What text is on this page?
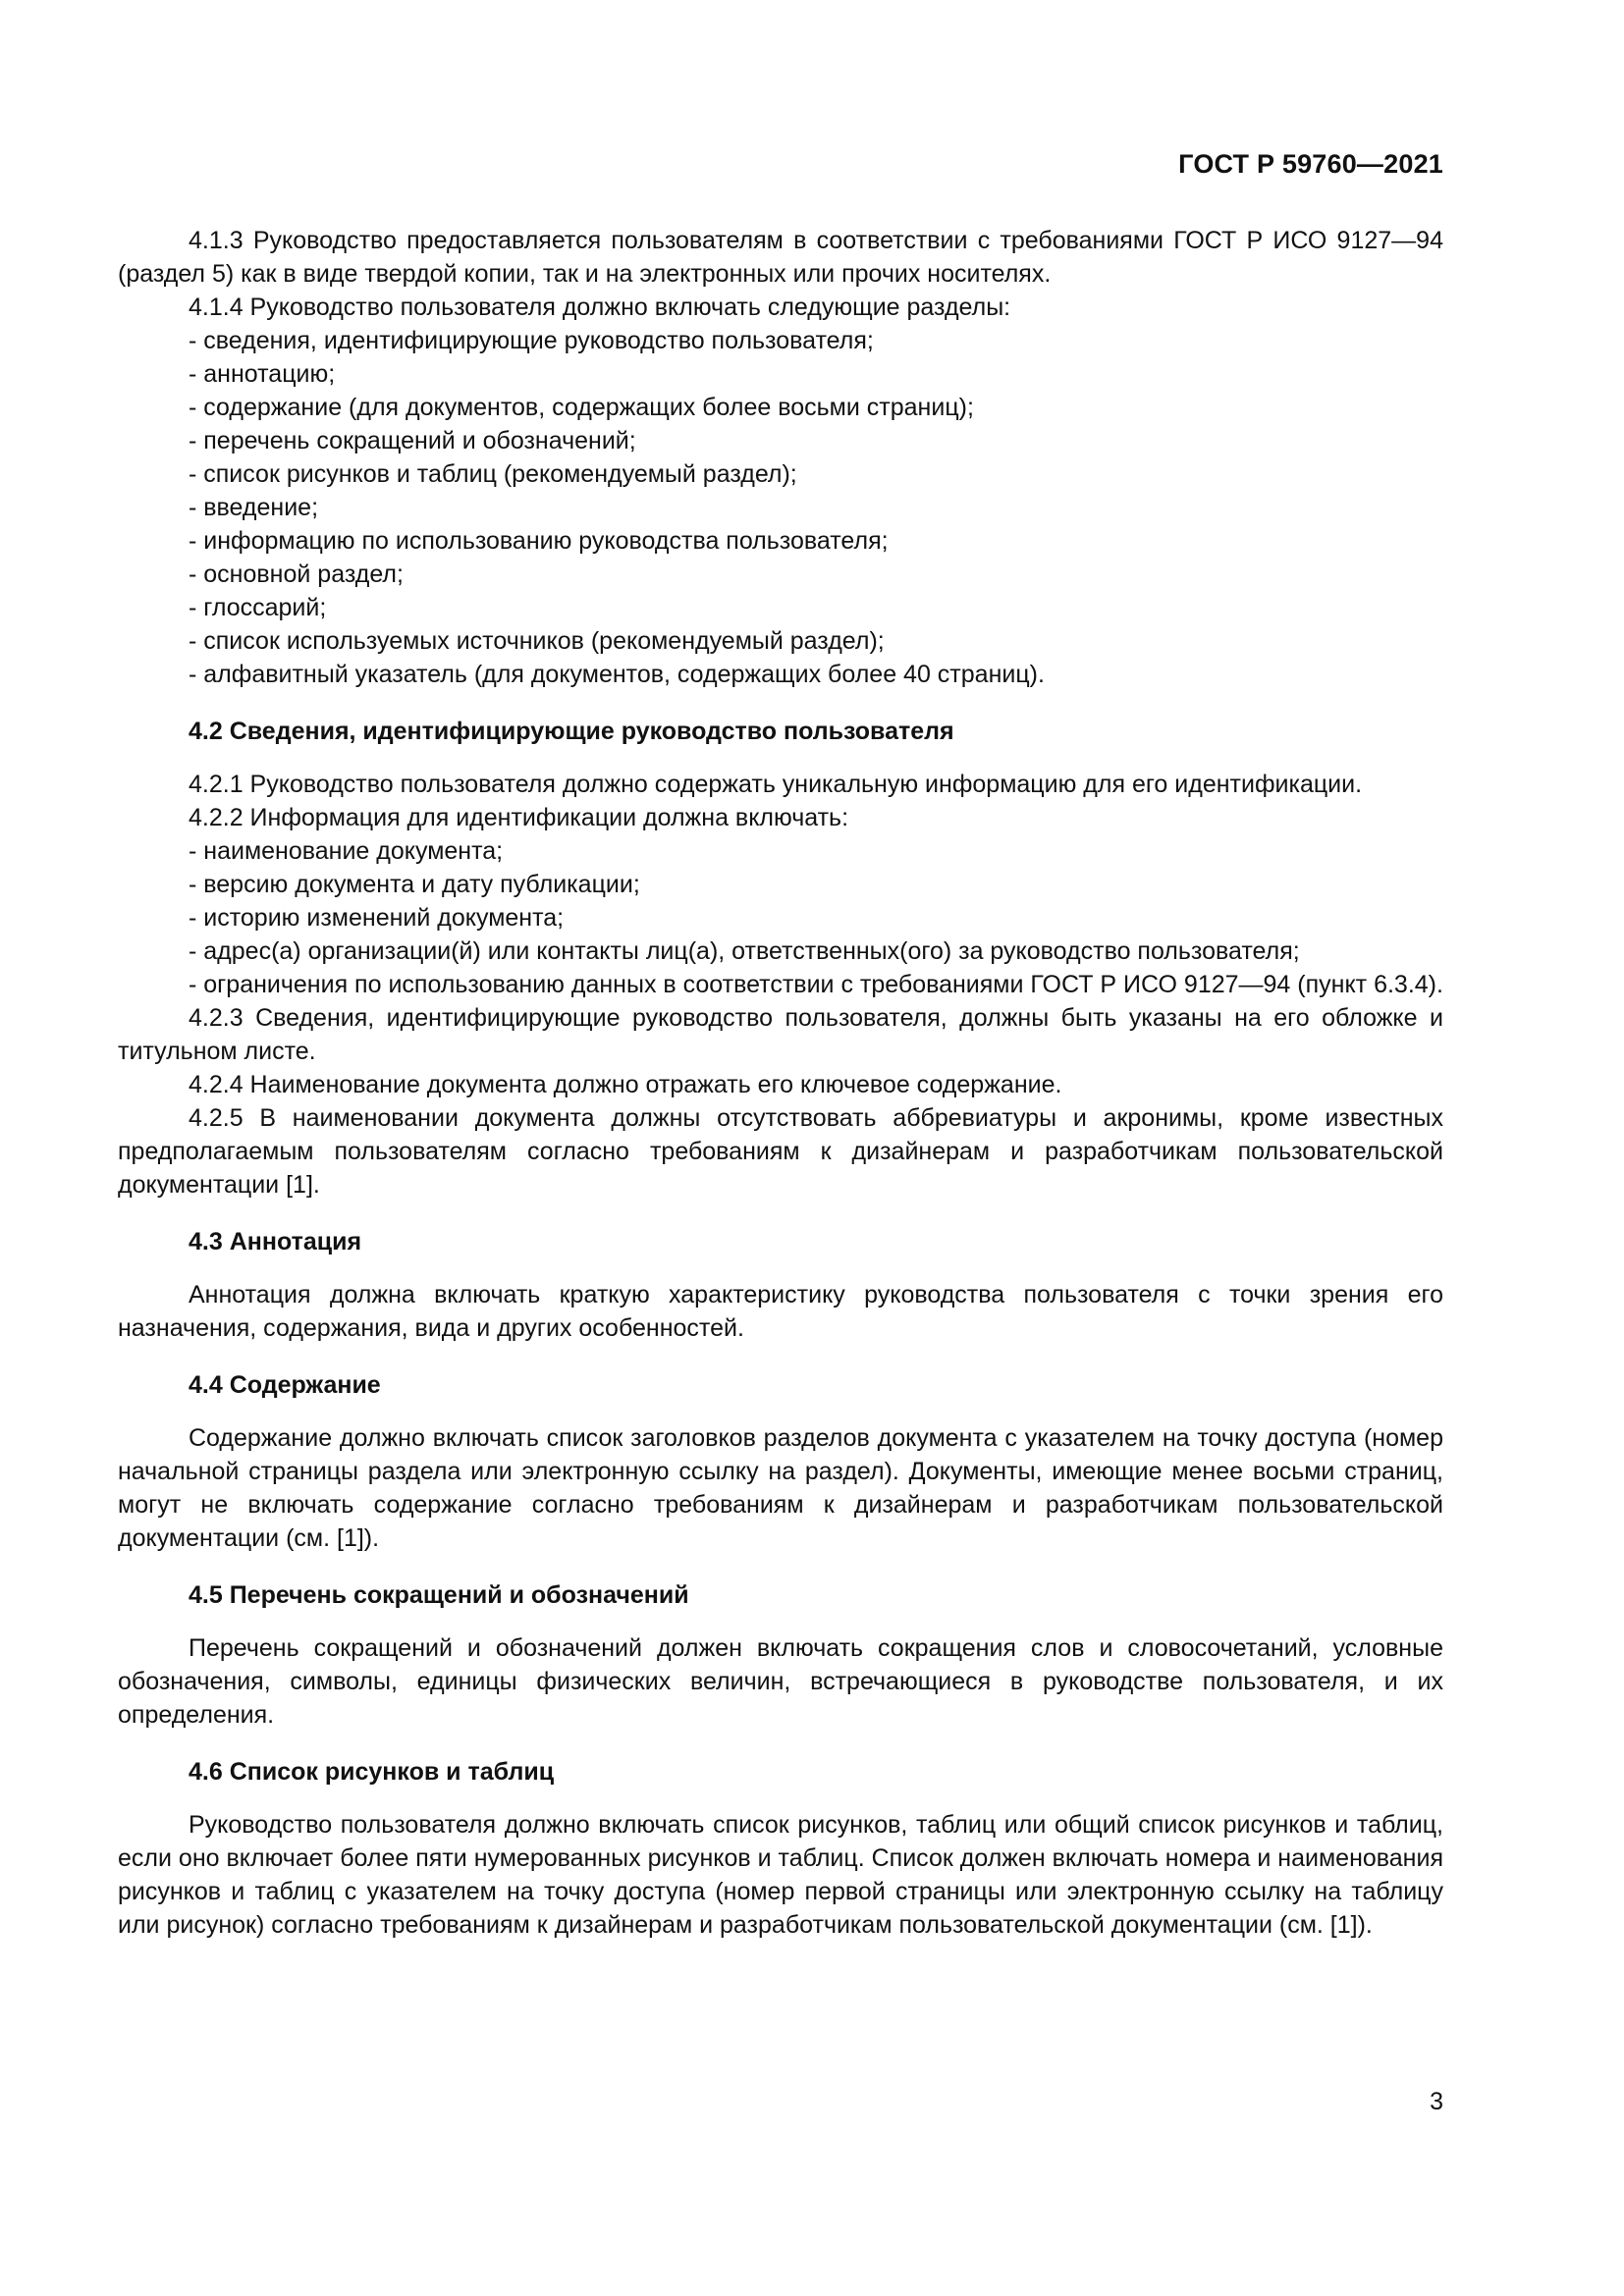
ГОСТ Р 59760—2021

4.1.3 Руководство предоставляется пользователям в соответствии с требованиями ГОСТ Р ИСО 9127—94 (раздел 5) как в виде твердой копии, так и на электронных или прочих носителях.

4.1.4 Руководство пользователя должно включать следующие разделы:

- сведения, идентифицирующие руководство пользователя;

- аннотацию;

- содержание (для документов, содержащих более восьми страниц);

- перечень сокращений и обозначений;

- список рисунков и таблиц (рекомендуемый раздел);

- введение;

- информацию по использованию руководства пользователя;

- основной раздел;

- глоссарий;

- список используемых источников (рекомендуемый раздел);

- алфавитный указатель (для документов, содержащих более 40 страниц).

4.2 Сведения, идентифицирующие руководство пользователя

4.2.1 Руководство пользователя должно содержать уникальную информацию для его идентификации.

4.2.2 Информация для идентификации должна включать:

- наименование документа;

- версию документа и дату публикации;

- историю изменений документа;

- адрес(а) организации(й) или контакты лиц(а), ответственных(ого) за руководство пользователя;

- ограничения по использованию данных в соответствии с требованиями ГОСТ Р ИСО 9127—94 (пункт 6.3.4).

4.2.3 Сведения, идентифицирующие руководство пользователя, должны быть указаны на его обложке и титульном листе.

4.2.4 Наименование документа должно отражать его ключевое содержание.

4.2.5 В наименовании документа должны отсутствовать аббревиатуры и акронимы, кроме известных предполагаемым пользователям согласно требованиям к дизайнерам и разработчикам пользовательской документации [1].

4.3 Аннотация

Аннотация должна включать краткую характеристику руководства пользователя с точки зрения его назначения, содержания, вида и других особенностей.

4.4 Содержание

Содержание должно включать список заголовков разделов документа с указателем на точку доступа (номер начальной страницы раздела или электронную ссылку на раздел). Документы, имеющие менее восьми страниц, могут не включать содержание согласно требованиям к дизайнерам и разработчикам пользовательской документации (см. [1]).

4.5 Перечень сокращений и обозначений

Перечень сокращений и обозначений должен включать сокращения слов и словосочетаний, условные обозначения, символы, единицы физических величин, встречающиеся в руководстве пользователя, и их определения.

4.6 Список рисунков и таблиц

Руководство пользователя должно включать список рисунков, таблиц или общий список рисунков и таблиц, если оно включает более пяти нумерованных рисунков и таблиц. Список должен включать номера и наименования рисунков и таблиц с указателем на точку доступа (номер первой страницы или электронную ссылку на таблицу или рисунок) согласно требованиям к дизайнерам и разработчикам пользовательской документации (см. [1]).

3
